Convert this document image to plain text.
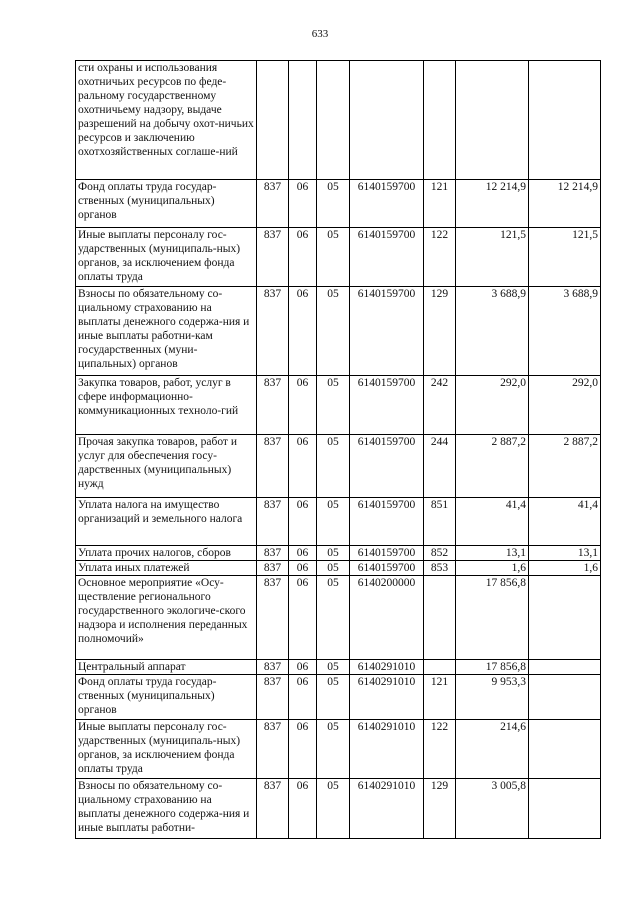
633
сти охраны и использования охотничьих ресурсов по феде-ральному государственному охотничьему надзору, выдаче разрешений на добычу охот-ничьих ресурсов и заключению охотхозяйственных соглаше-ний							
Фонд оплаты труда государ-ственных (муниципальных) органов	837	06	05	6140159700	121	12 214,9	12 214,9
Иные выплаты персоналу гос-ударственных (муниципаль-ных) органов, за исключением фонда оплаты труда	837	06	05	6140159700	122	121,5	121,5
Взносы по обязательному со-циальному страхованию на выплаты денежного содержа-ния и иные выплаты работни-кам государственных (муни-ципальных) органов	837	06	05	6140159700	129	3 688,9	3 688,9
Закупка товаров, работ, услуг в сфере информационно-коммуникационных техноло-гий	837	06	05	6140159700	242	292,0	292,0
Прочая закупка товаров, работ и услуг для обеспечения госу-дарственных (муниципальных) нужд	837	06	05	6140159700	244	2 887,2	2 887,2
Уплата налога на имущество организаций и земельного налога	837	06	05	6140159700	851	41,4	41,4
Уплата прочих налогов, сборов	837	06	05	6140159700	852	13,1	13,1
Уплата иных платежей	837	06	05	6140159700	853	1,6	1,6
Основное мероприятие «Осу-ществление регионального государственного экологиче-ского надзора и исполнения переданных полномочий»	837	06	05	6140200000		17 856,8	
Центральный аппарат	837	06	05	6140291010		17 856,8	
Фонд оплаты труда государ-ственных (муниципальных) органов	837	06	05	6140291010	121	9 953,3	
Иные выплаты персоналу гос-ударственных (муниципаль-ных) органов, за исключением фонда оплаты труда	837	06	05	6140291010	122	214,6	
Взносы по обязательному со-циальному страхованию на выплаты денежного содержа-ния и иные выплаты работни-	837	06	05	6140291010	129	3 005,8	
